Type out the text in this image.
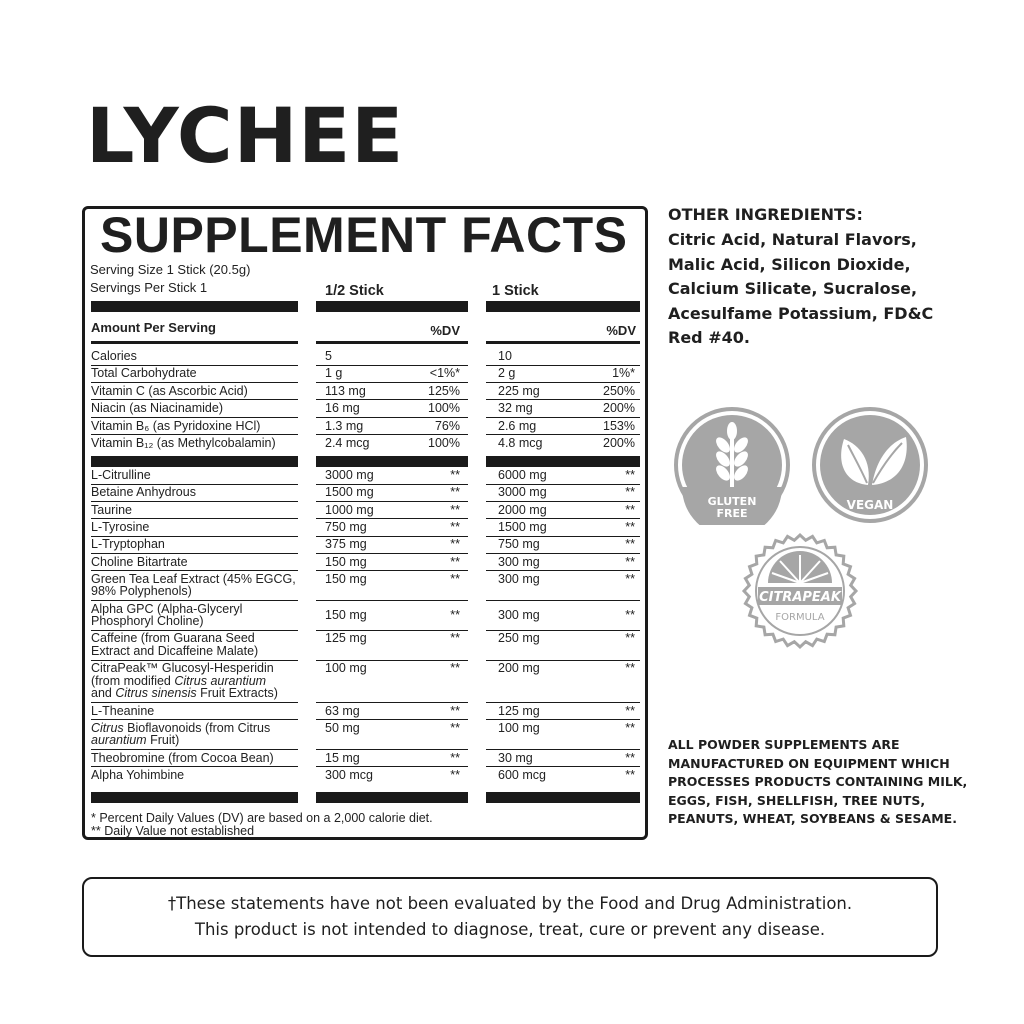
LYCHEE
SUPPLEMENT FACTS
Serving Size 1 Stick (20.5g)
Servings Per Stick 1	1/2 Stick	1 Stick
Amount Per Serving	%DV	%DV
Calories	5	10
Total Carbohydrate	1 g	<1%*	2 g	1%*
Vitamin C (as Ascorbic Acid)	113 mg	125%	225 mg	250%
Niacin (as Niacinamide)	16 mg	100%	32 mg	200%
Vitamin B₆ (as Pyridoxine HCl)	1.3 mg	76%	2.6 mg	153%
Vitamin B₁₂ (as Methylcobalamin)	2.4 mcg	100%	4.8 mcg	200%
L-Citrulline	3000 mg	**	6000 mg	**
Betaine Anhydrous	1500 mg	**	3000 mg	**
Taurine	1000 mg	**	2000 mg	**
L-Tyrosine	750 mg	**	1500 mg	**
L-Tryptophan	375 mg	**	750 mg	**
Choline Bitartrate	150 mg	**	300 mg	**
Green Tea Leaf Extract (45% EGCG,
98% Polyphenols)
150 mg	**	300 mg	**
Alpha GPC (Alpha-Glyceryl
Phosphoryl Choline)	150 mg	**	300 mg	**
Caffeine (from Guarana Seed
Extract and Dicaffeine Malate)
125 mg	**	250 mg	**
CitraPeak™ Glucosyl-Hesperidin
(from modified Citrus aurantium
and Citrus sinensis Fruit Extracts)
100 mg	**	200 mg	**
L-Theanine	63 mg	**	125 mg	**
Citrus Bioflavonoids (from Citrus
aurantium Fruit)
50 mg	**	100 mg	**
Theobromine (from Cocoa Bean)	15 mg	**	30 mg	**
Alpha Yohimbine	300 mcg	**	600 mcg	**
* Percent Daily Values (DV) are based on a 2,000 calorie diet.
** Daily Value not established
OTHER INGREDIENTS:
Citric Acid, Natural Flavors, Malic Acid, Silicon Dioxide, Calcium Silicate, Sucralose, Acesulfame Potassium, FD&C Red #40.
GLUTEN
FREE
VEGAN
CITRAPEAK
FORMULA
ALL POWDER SUPPLEMENTS ARE MANUFACTURED ON EQUIPMENT WHICH PROCESSES PRODUCTS CONTAINING MILK, EGGS, FISH, SHELLFISH, TREE NUTS, PEANUTS, WHEAT, SOYBEANS & SESAME.
†These statements have not been evaluated by the Food and Drug Administration.
This product is not intended to diagnose, treat, cure or prevent any disease.
